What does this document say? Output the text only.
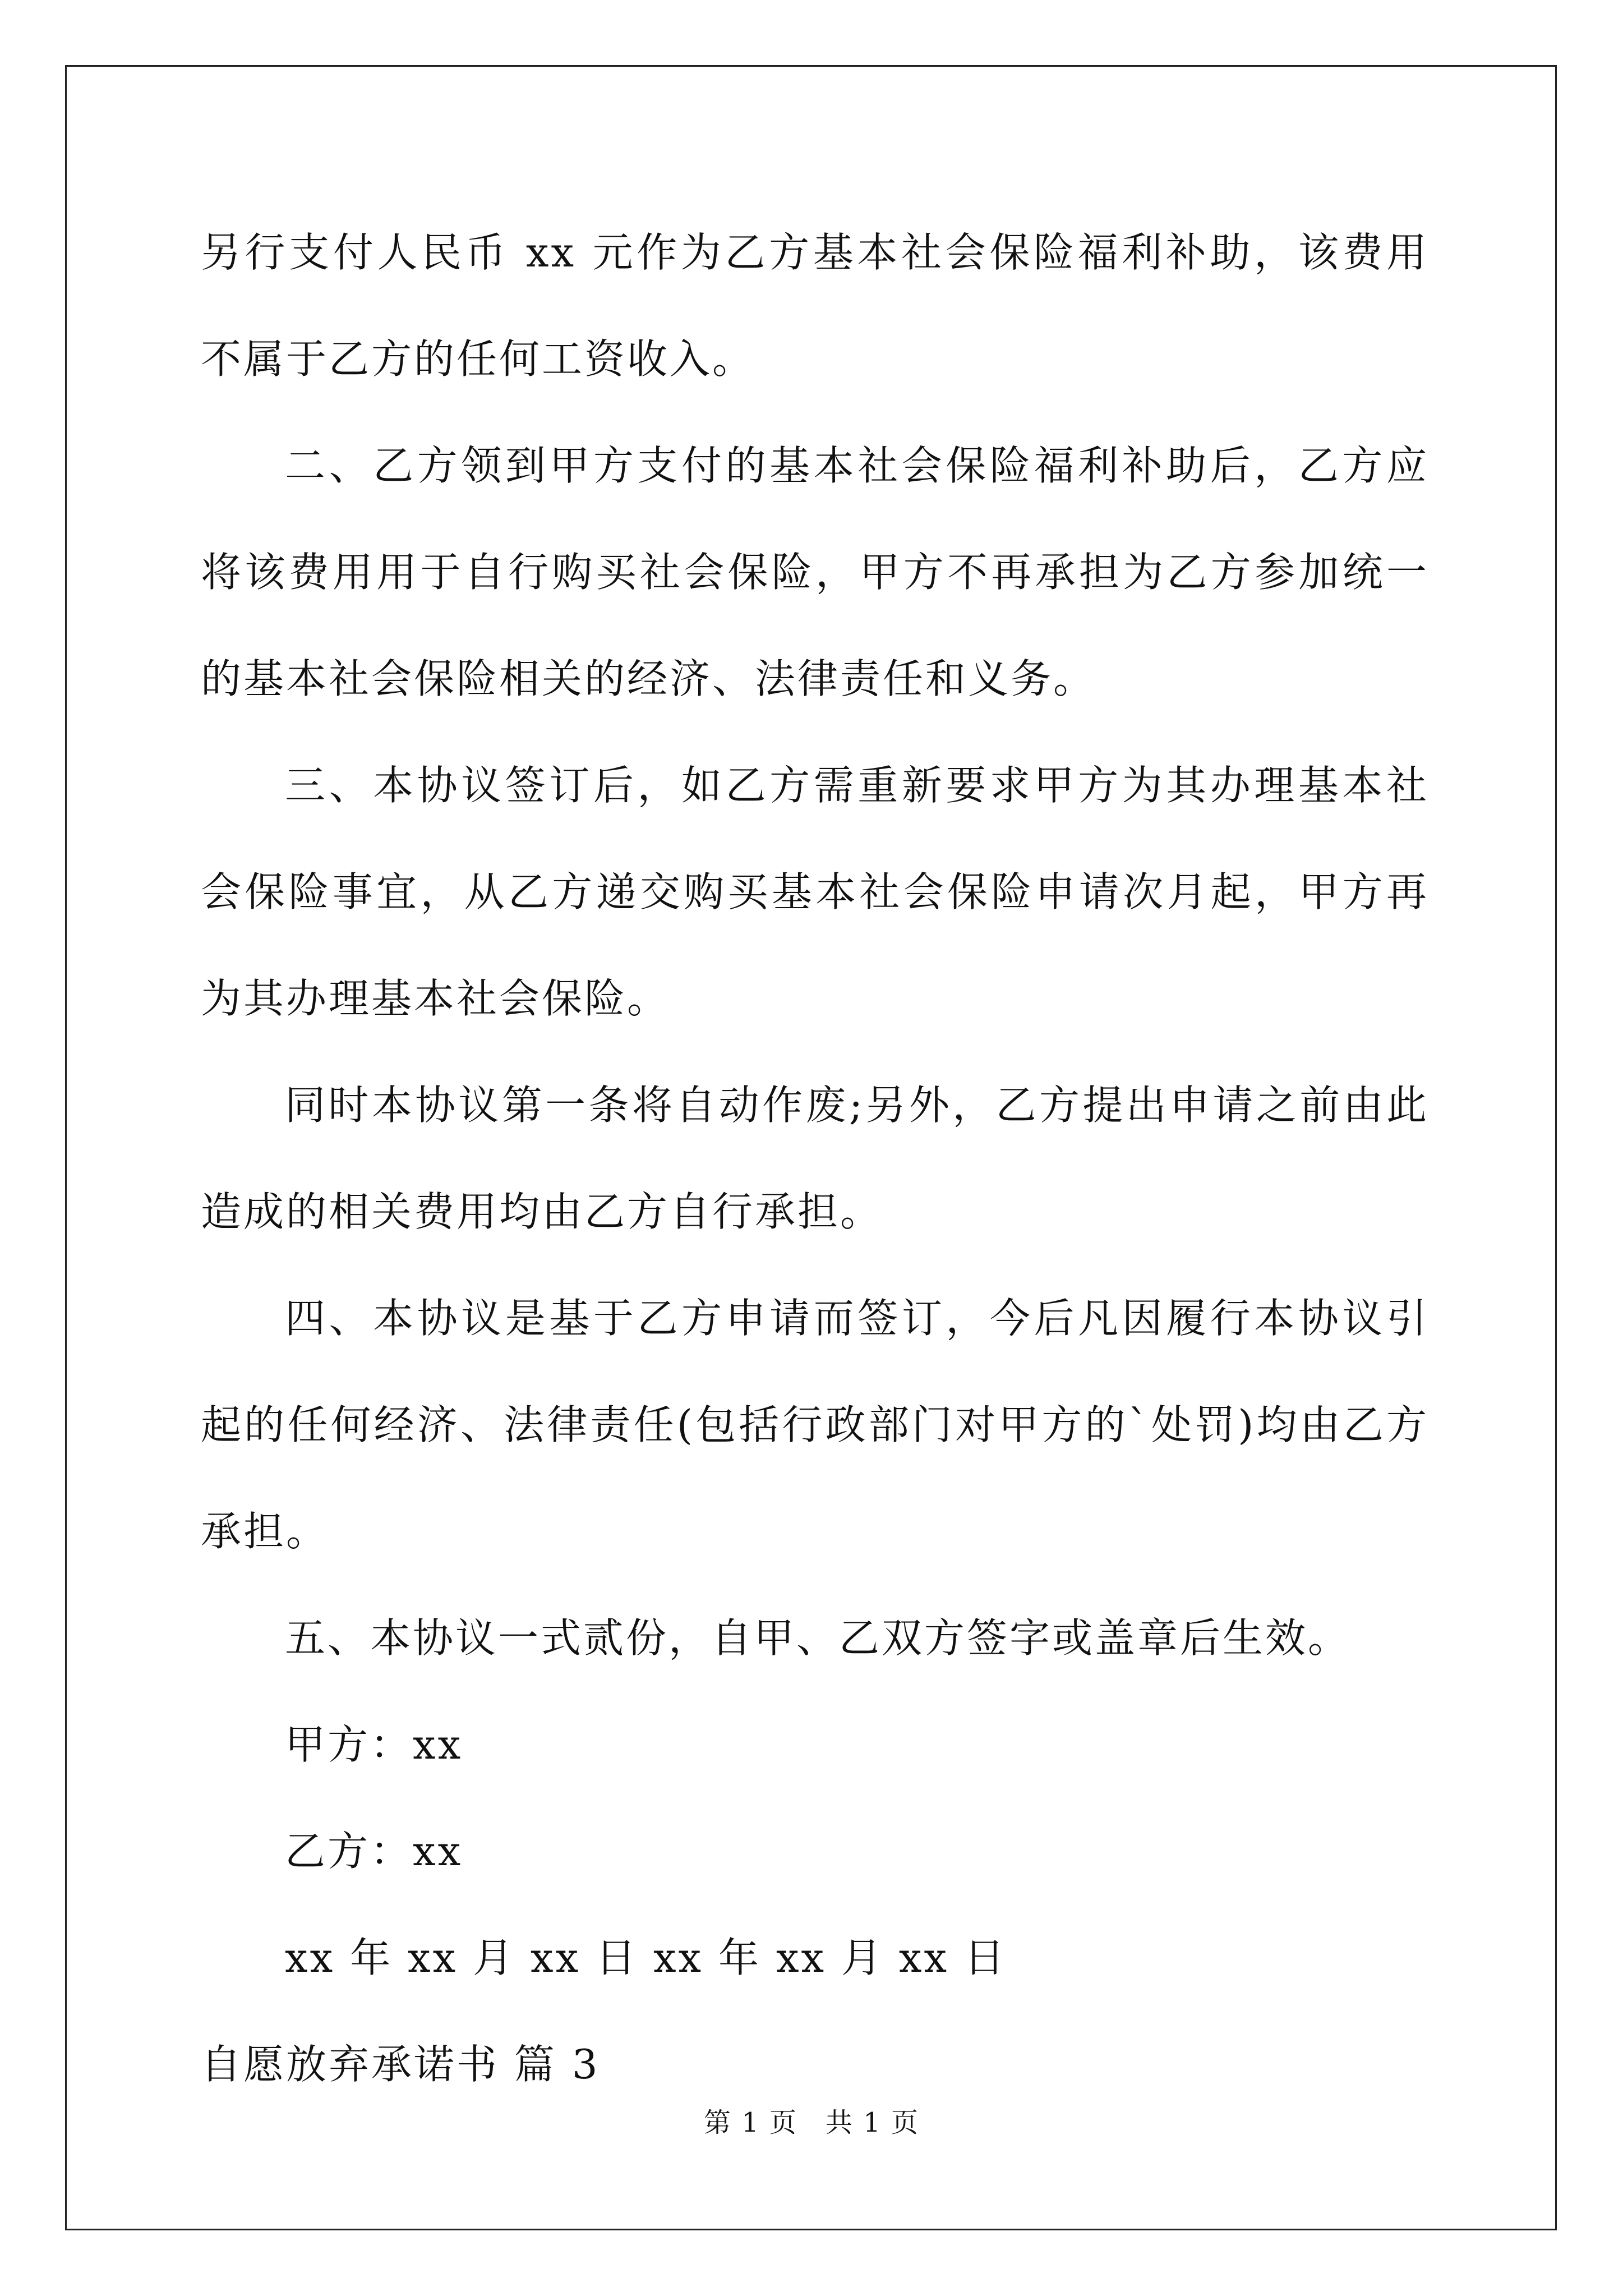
另行支付人民币 xx 元作为乙方基本社会保险福利补助，该费用不属于乙方的任何工资收入。

二、乙方领到甲方支付的基本社会保险福利补助后，乙方应将该费用用于自行购买社会保险，甲方不再承担为乙方参加统一的基本社会保险相关的经济、法律责任和义务。

三、本协议签订后，如乙方需重新要求甲方为其办理基本社会保险事宜，从乙方递交购买基本社会保险申请次月起，甲方再为其办理基本社会保险。

同时本协议第一条将自动作废;另外，乙方提出申请之前由此造成的相关费用均由乙方自行承担。

四、本协议是基于乙方申请而签订，今后凡因履行本协议引起的任何经济、法律责任(包括行政部门对甲方的`处罚)均由乙方承担。

五、本协议一式贰份，自甲、乙双方签字或盖章后生效。

甲方：xx

乙方：xx

xx 年 xx 月 xx 日 xx 年 xx 月 xx 日

自愿放弃承诺书 篇 3

第 1 页 共 1 页
